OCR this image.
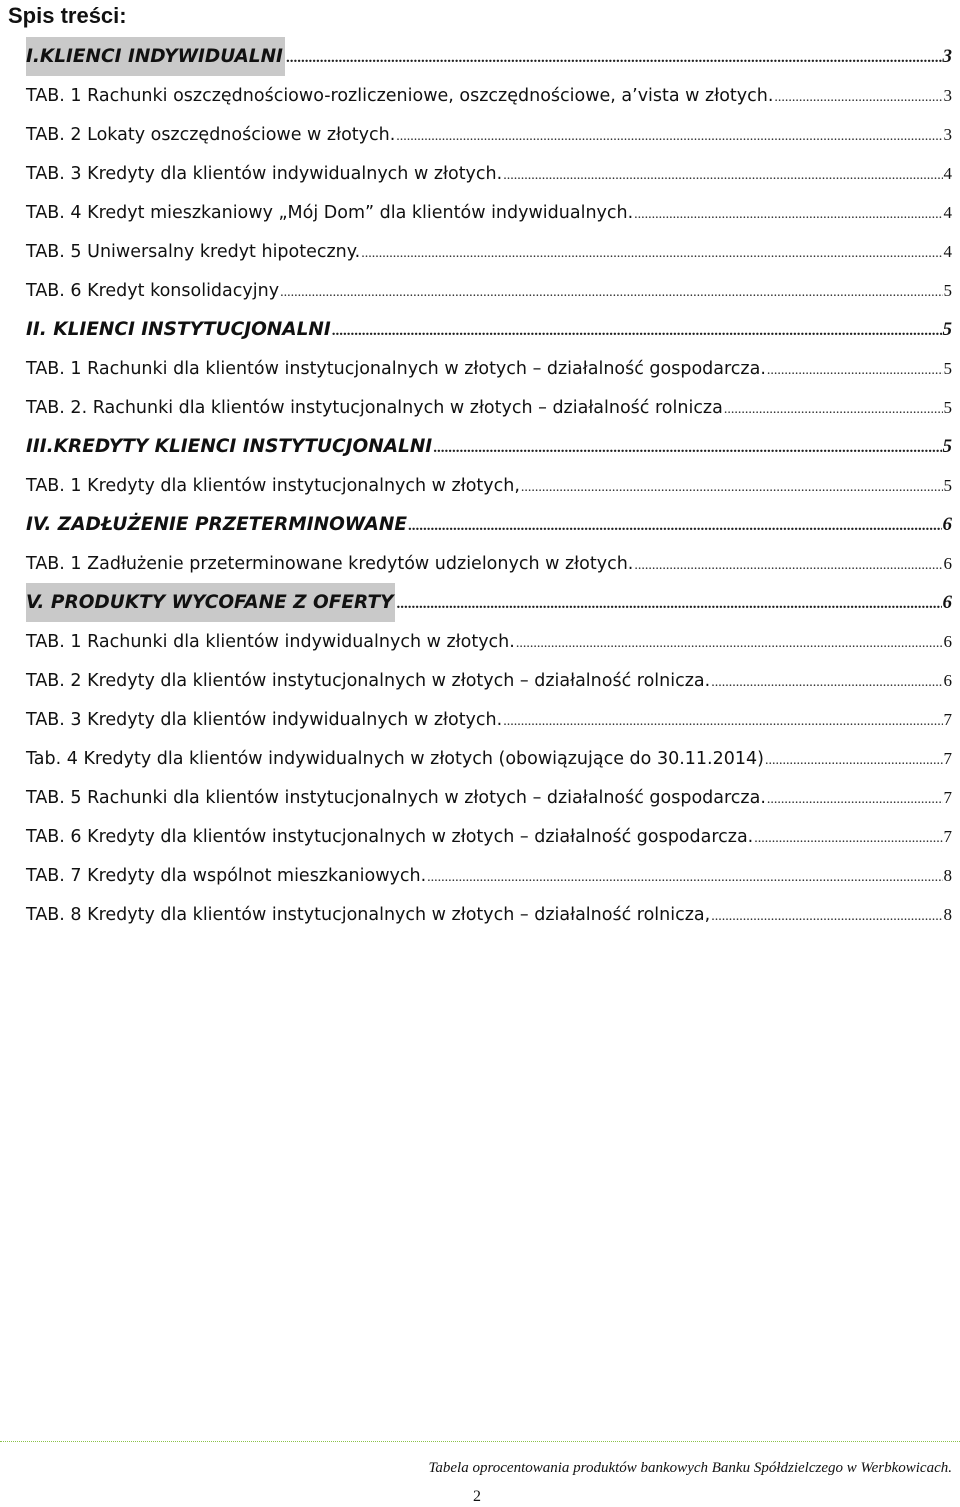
Spis treści:
I.KLIENCI INDYWIDUALNI .....	3
TAB. 1 Rachunki oszczędnościowo-rozliczeniowe, oszczędnościowe, a’vista w złotych. .....	3
TAB. 2 Lokaty oszczędnościowe w złotych. .....	3
TAB. 3 Kredyty dla klientów indywidualnych w złotych. .....	4
TAB. 4 Kredyt mieszkaniowy „Mój Dom” dla klientów indywidualnych. .....	4
TAB. 5 Uniwersalny kredyt hipoteczny. .....	4
TAB. 6 Kredyt konsolidacyjny .....	5
II. KLIENCI INSTYTUCJONALNI .....	5
TAB. 1 Rachunki dla klientów instytucjonalnych w złotych – działalność gospodarcza. .....	5
TAB. 2. Rachunki dla klientów instytucjonalnych w złotych – działalność rolnicza .....	5
III.KREDYTY KLIENCI INSTYTUCJONALNI .....	5
TAB. 1 Kredyty dla klientów instytucjonalnych w złotych, .....	5
IV. ZADŁUŻENIE PRZETERMINOWANE .....	6
TAB. 1 Zadłużenie przeterminowane kredytów udzielonych w złotych. .....	6
V. PRODUKTY WYCOFANE Z OFERTY .....	6
TAB. 1 Rachunki dla klientów indywidualnych w złotych. .....	6
TAB. 2 Kredyty dla klientów instytucjonalnych w złotych – działalność rolnicza. .....	6
TAB. 3 Kredyty dla klientów indywidualnych w złotych. .....	7
Tab. 4 Kredyty dla klientów indywidualnych w złotych (obowiązujące do 30.11.2014) .....	7
TAB. 5 Rachunki dla klientów instytucjonalnych w złotych – działalność gospodarcza. .....	7
TAB. 6 Kredyty dla klientów instytucjonalnych w złotych – działalność gospodarcza. .....	7
TAB. 7 Kredyty dla wspólnot mieszkaniowych. .....	8
TAB. 8 Kredyty dla klientów instytucjonalnych w złotych – działalność rolnicza, .....	8
Tabela oprocentowania produktów bankowych Banku Spółdzielczego w Werbkowicach.
2
